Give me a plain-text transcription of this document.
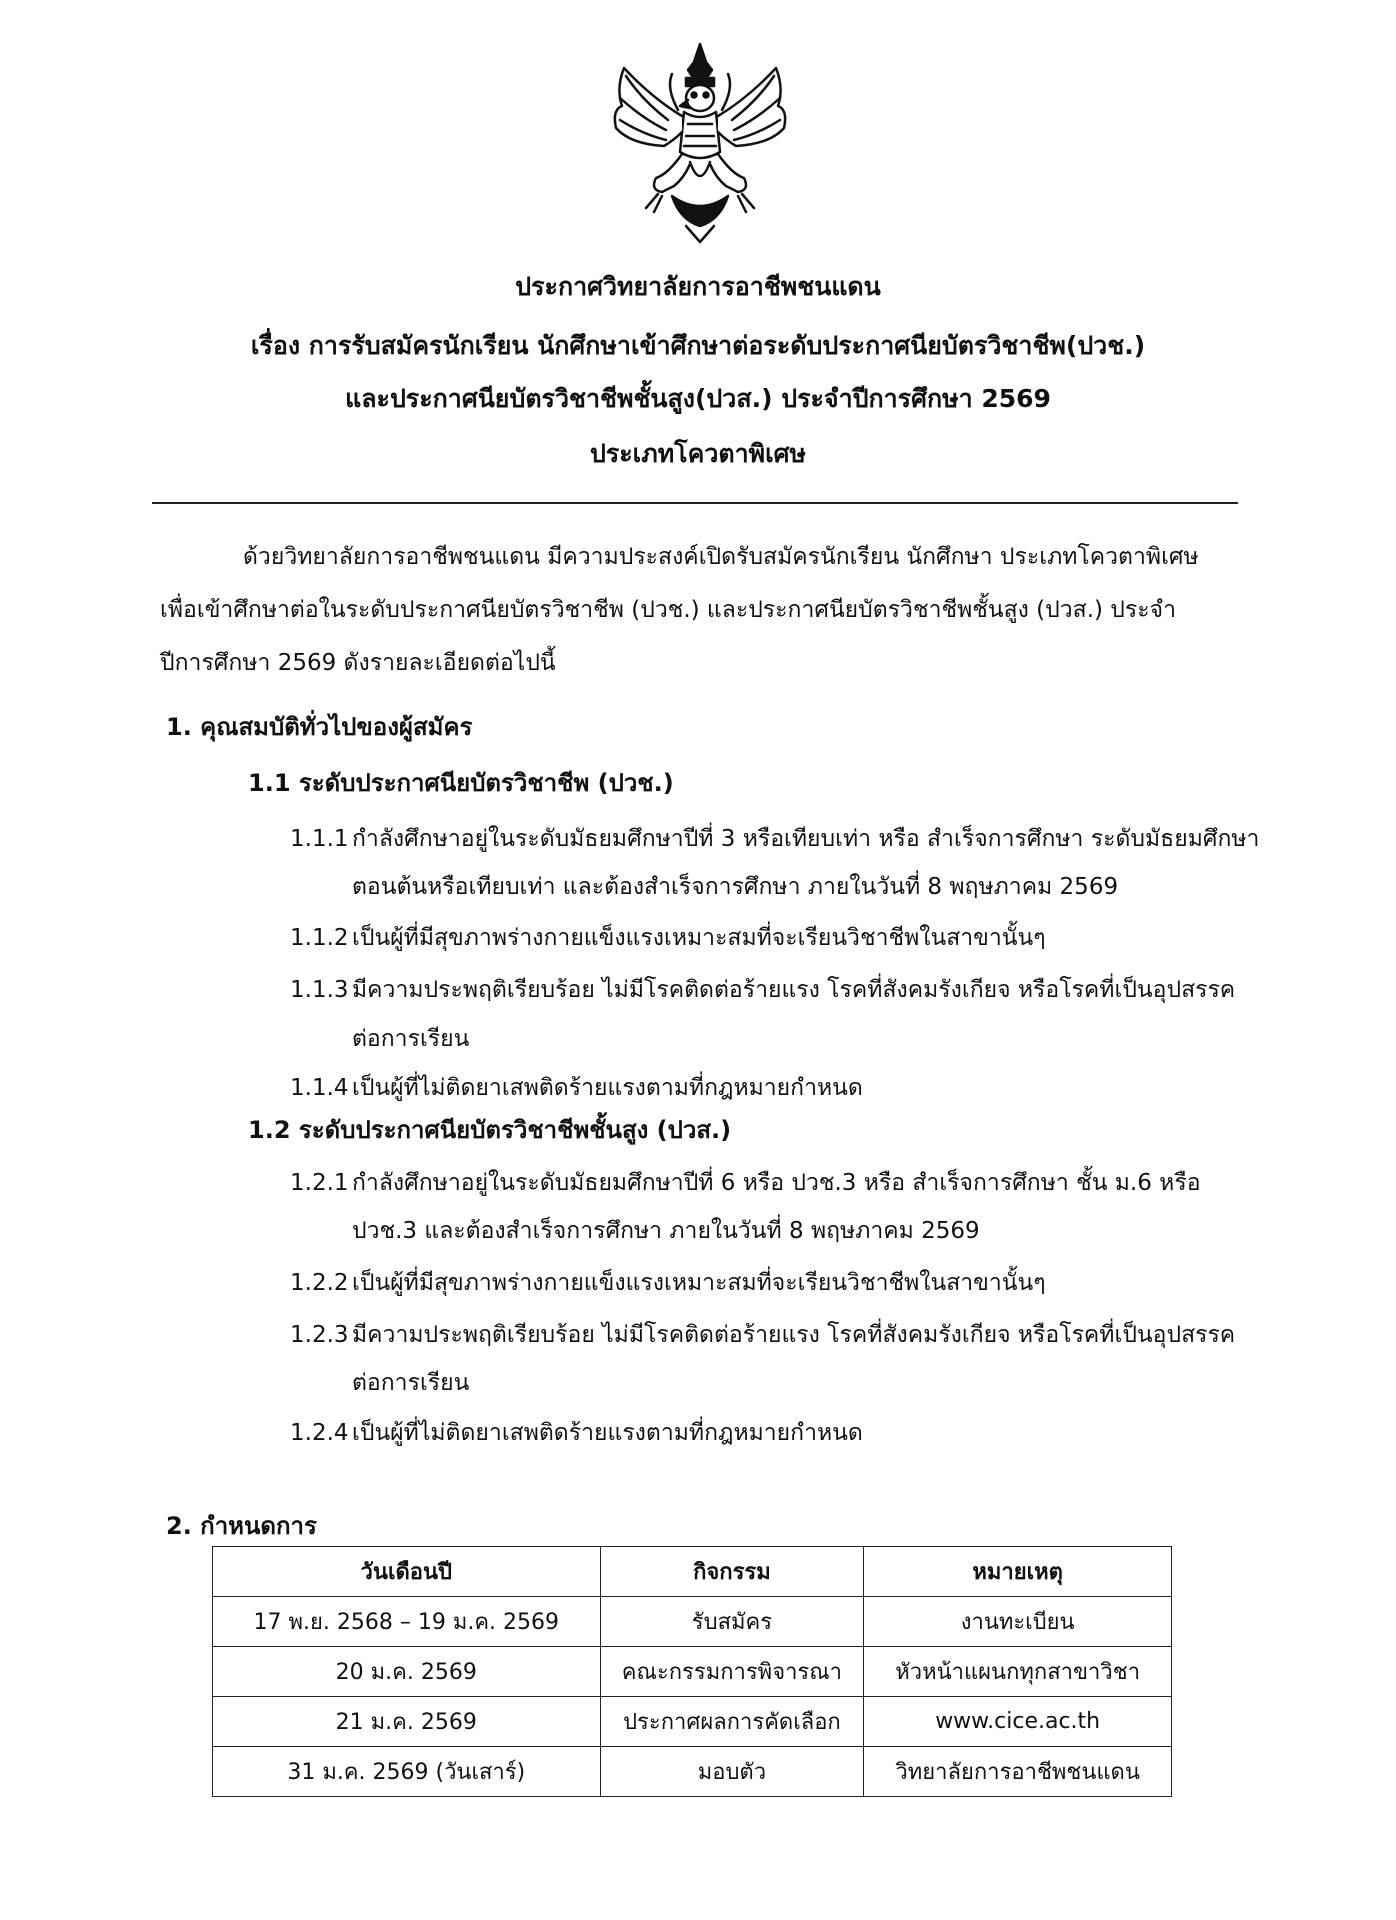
ประกาศวิทยาลัยการอาชีพชนแดน
เรื่อง การรับสมัครนักเรียน นักศึกษาเข้าศึกษาต่อระดับประกาศนียบัตรวิชาชีพ(ปวช.)
และประกาศนียบัตรวิชาชีพชั้นสูง(ปวส.) ประจำปีการศึกษา 2569
ประเภทโควตาพิเศษ
ด้วยวิทยาลัยการอาชีพชนแดน มีความประสงค์เปิดรับสมัครนักเรียน นักศึกษา ประเภทโควตาพิเศษ
เพื่อเข้าศึกษาต่อในระดับประกาศนียบัตรวิชาชีพ (ปวช.) และประกาศนียบัตรวิชาชีพชั้นสูง (ปวส.) ประจำ
ปีการศึกษา 2569 ดังรายละเอียดต่อไปนี้
1. คุณสมบัติทั่วไปของผู้สมัคร
1.1 ระดับประกาศนียบัตรวิชาชีพ (ปวช.)
1.1.1 กำลังศึกษาอยู่ในระดับมัธยมศึกษาปีที่ 3 หรือเทียบเท่า หรือ สำเร็จการศึกษา ระดับมัธยมศึกษา
ตอนต้นหรือเทียบเท่า และต้องสำเร็จการศึกษา ภายในวันที่ 8 พฤษภาคม 2569
1.1.2 เป็นผู้ที่มีสุขภาพร่างกายแข็งแรงเหมาะสมที่จะเรียนวิชาชีพในสาขานั้นๆ
1.1.3 มีความประพฤติเรียบร้อย ไม่มีโรคติดต่อร้ายแรง โรคที่สังคมรังเกียจ หรือโรคที่เป็นอุปสรรค
ต่อการเรียน
1.1.4 เป็นผู้ที่ไม่ติดยาเสพติดร้ายแรงตามที่กฎหมายกำหนด
1.2 ระดับประกาศนียบัตรวิชาชีพชั้นสูง (ปวส.)
1.2.1 กำลังศึกษาอยู่ในระดับมัธยมศึกษาปีที่ 6 หรือ ปวช.3 หรือ สำเร็จการศึกษา ชั้น ม.6 หรือ
ปวช.3 และต้องสำเร็จการศึกษา ภายในวันที่ 8 พฤษภาคม 2569
1.2.2 เป็นผู้ที่มีสุขภาพร่างกายแข็งแรงเหมาะสมที่จะเรียนวิชาชีพในสาขานั้นๆ
1.2.3 มีความประพฤติเรียบร้อย ไม่มีโรคติดต่อร้ายแรง โรคที่สังคมรังเกียจ หรือโรคที่เป็นอุปสรรค
ต่อการเรียน
1.2.4 เป็นผู้ที่ไม่ติดยาเสพติดร้ายแรงตามที่กฎหมายกำหนด
2. กำหนดการ
วันเดือนปี	กิจกรรม	หมายเหตุ
17 พ.ย. 2568 – 19 ม.ค. 2569	รับสมัคร	งานทะเบียน
20 ม.ค. 2569	คณะกรรมการพิจารณา	หัวหน้าแผนกทุกสาขาวิชา
21 ม.ค. 2569	ประกาศผลการคัดเลือก	www.cice.ac.th
31 ม.ค. 2569 (วันเสาร์)	มอบตัว	วิทยาลัยการอาชีพชนแดน
